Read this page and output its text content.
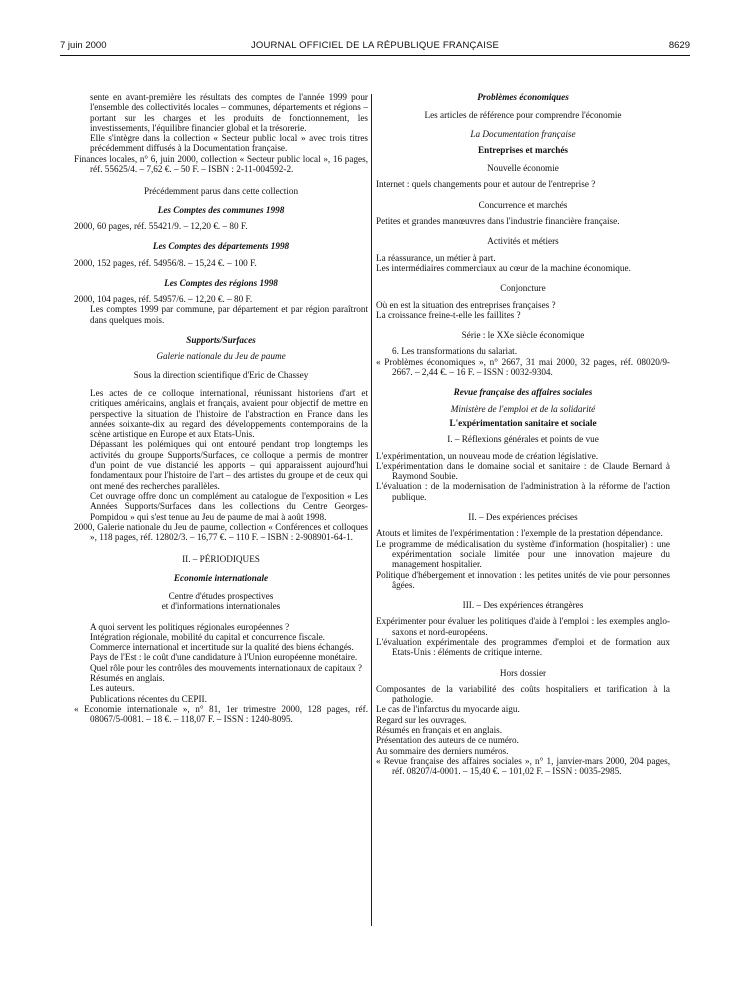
7 juin 2000	JOURNAL OFFICIEL DE LA RÉPUBLIQUE FRANÇAISE	8629

sente en avant-première les résultats des comptes de l'année 1999 pour l'ensemble des collectivités locales – communes, départements et régions – portant sur les charges et les produits de fonctionnement, les investissements, l'équilibre financier global et la trésorerie.

Elle s'intègre dans la collection « Secteur public local » avec trois titres précédemment diffusés à la Documentation française.

Finances locales, n° 6, juin 2000, collection « Secteur public local », 16 pages, réf. 55625/4. – 7,62 €. – 50 F. – ISBN : 2-11-004592-2.

Précédemment parus dans cette collection

Les Comptes des communes 1998

2000, 60 pages, réf. 55421/9. – 12,20 €. – 80 F.

Les Comptes des départements 1998

2000, 152 pages, réf. 54956/8. – 15,24 €. – 100 F.

Les Comptes des régions 1998

2000, 104 pages, réf. 54957/6. – 12,20 €. – 80 F.

Les comptes 1999 par commune, par département et par région paraîtront dans quelques mois.

Supports/Surfaces

Galerie nationale du Jeu de paume

Sous la direction scientifique d'Eric de Chassey

Les actes de ce colloque international, réunissant historiens d'art et critiques américains, anglais et français, avaient pour objectif de mettre en perspective la situation de l'histoire de l'abstraction en France dans les années soixante-dix au regard des développements contemporains de la scène artistique en Europe et aux Etats-Unis.

Dépassant les polémiques qui ont entouré pendant trop longtemps les activités du groupe Supports/Surfaces, ce colloque a permis de montrer d'un point de vue distancié les apports – qui apparaissent aujourd'hui fondamentaux pour l'histoire de l'art – des artistes du groupe et de ceux qui ont mené des recherches parallèles.

Cet ouvrage offre donc un complément au catalogue de l'exposition « Les Années Supports/Surfaces dans les collections du Centre Georges-Pompidou » qui s'est tenue au Jeu de paume de mai à août 1998.

2000, Galerie nationale du Jeu de paume, collection « Conférences et colloques », 118 pages, réf. 12802/3. – 16,77 €. – 110 F. – ISBN : 2-908901-64-1.

II. – PÉRIODIQUES

Economie internationale

Centre d'études prospectives

et d'informations internationales

A quoi servent les politiques régionales européennes ?

Intégration régionale, mobilité du capital et concurrence fiscale.

Commerce international et incertitude sur la qualité des biens échangés.

Pays de l'Est : le coût d'une candidature à l'Union européenne monétaire.

Quel rôle pour les contrôles des mouvements internationaux de capitaux ?

Résumés en anglais.

Les auteurs.

Publications récentes du CEPII.

« Economie internationale », n° 81, 1er trimestre 2000, 128 pages, réf. 08067/5-0081. – 18 €. – 118,07 F. – ISSN : 1240-8095.

Problèmes économiques

Les articles de référence pour comprendre l'économie

La Documentation française

Entreprises et marchés

Nouvelle économie

Internet : quels changements pour et autour de l'entreprise ?

Concurrence et marchés

Petites et grandes manœuvres dans l'industrie financière française.

Activités et métiers

La réassurance, un métier à part.

Les intermédiaires commerciaux au cœur de la machine économique.

Conjoncture

Où en est la situation des entreprises françaises ?

La croissance freine-t-elle les faillites ?

Série : le XXe siècle économique

6. Les transformations du salariat.

« Problèmes économiques », n° 2667, 31 mai 2000, 32 pages, réf. 08020/9-2667. – 2,44 €. – 16 F. – ISSN : 0032-9304.

Revue française des affaires sociales

Ministère de l'emploi et de la solidarité

L'expérimentation sanitaire et sociale

I. – Réflexions générales et points de vue

L'expérimentation, un nouveau mode de création législative.

L'expérimentation dans le domaine social et sanitaire : de Claude Bernard à Raymond Soubie.

L'évaluation : de la modernisation de l'administration à la réforme de l'action publique.

II. – Des expériences précises

Atouts et limites de l'expérimentation : l'exemple de la prestation dépendance.

Le programme de médicalisation du système d'information (hospitalier) : une expérimentation sociale limitée pour une innovation majeure du management hospitalier.

Politique d'hébergement et innovation : les petites unités de vie pour personnes âgées.

III. – Des expériences étrangères

Expérimenter pour évaluer les politiques d'aide à l'emploi : les exemples anglo-saxons et nord-européens.

L'évaluation expérimentale des programmes d'emploi et de formation aux Etats-Unis : éléments de critique interne.

Hors dossier

Composantes de la variabilité des coûts hospitaliers et tarification à la pathologie.

Le cas de l'infarctus du myocarde aigu.

Regard sur les ouvrages.

Résumés en français et en anglais.

Présentation des auteurs de ce numéro.

Au sommaire des derniers numéros.

« Revue française des affaires sociales », n° 1, janvier-mars 2000, 204 pages, réf. 08207/4-0001. – 15,40 €. – 101,02 F. – ISSN : 0035-2985.
